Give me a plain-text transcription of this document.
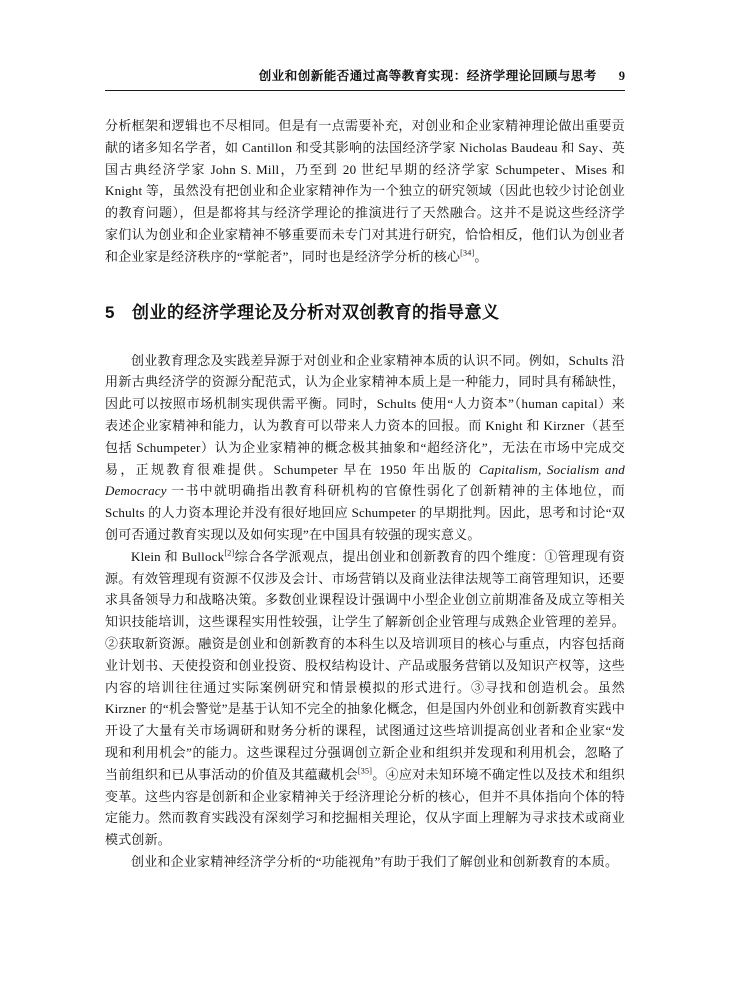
创业和创新能否通过高等教育实现：经济学理论回顾与思考 9

分析框架和逻辑也不尽相同。但是有一点需要补充，对创业和企业家精神理论做出重要贡献的诸多知名学者，如 Cantillon 和受其影响的法国经济学家 Nicholas Baudeau 和 Say、英国古典经济学家 John S. Mill，乃至到 20 世纪早期的经济学家 Schumpeter、Mises 和 Knight 等，虽然没有把创业和企业家精神作为一个独立的研究领域（因此也较少讨论创业的教育问题），但是都将其与经济学理论的推演进行了天然融合。这并不是说这些经济学家们认为创业和企业家精神不够重要而未专门对其进行研究，恰恰相反，他们认为创业者和企业家是经济秩序的“掌舵者”，同时也是经济学分析的核心[34]。

5 创业的经济学理论及分析对双创教育的指导意义

创业教育理念及实践差异源于对创业和企业家精神本质的认识不同。例如，Schults 沿用新古典经济学的资源分配范式，认为企业家精神本质上是一种能力，同时具有稀缺性，因此可以按照市场机制实现供需平衡。同时，Schults 使用“人力资本”（human capital）来表述企业家精神和能力，认为教育可以带来人力资本的回报。而 Knight 和 Kirzner（甚至包括 Schumpeter）认为企业家精神的概念极其抽象和“超经济化”，无法在市场中完成交易，正规教育很难提供。Schumpeter 早在 1950 年出版的 Capitalism, Socialism and Democracy 一书中就明确指出教育科研机构的官僚性弱化了创新精神的主体地位，而 Schults 的人力资本理论并没有很好地回应 Schumpeter 的早期批判。因此，思考和讨论“双创可否通过教育实现以及如何实现”在中国具有较强的现实意义。

Klein 和 Bullock[2]综合各学派观点，提出创业和创新教育的四个维度：①管理现有资源。有效管理现有资源不仅涉及会计、市场营销以及商业法律法规等工商管理知识，还要求具备领导力和战略决策。多数创业课程设计强调中小型企业创立前期准备及成立等相关知识技能培训，这些课程实用性较强，让学生了解新创企业管理与成熟企业管理的差异。②获取新资源。融资是创业和创新教育的本科生以及培训项目的核心与重点，内容包括商业计划书、天使投资和创业投资、股权结构设计、产品或服务营销以及知识产权等，这些内容的培训往往通过实际案例研究和情景模拟的形式进行。③寻找和创造机会。虽然 Kirzner 的“机会警觉”是基于认知不完全的抽象化概念，但是国内外创业和创新教育实践中开设了大量有关市场调研和财务分析的课程，试图通过这些培训提高创业者和企业家“发现和利用机会”的能力。这些课程过分强调创立新企业和组织并发现和利用机会，忽略了当前组织和已从事活动的价值及其蕴藏机会[35]。④应对未知环境不确定性以及技术和组织变革。这些内容是创新和企业家精神关于经济理论分析的核心，但并不具体指向个体的特定能力。然而教育实践没有深刻学习和挖掘相关理论，仅从字面上理解为寻求技术或商业模式创新。

创业和企业家精神经济学分析的“功能视角”有助于我们了解创业和创新教育的本质。
